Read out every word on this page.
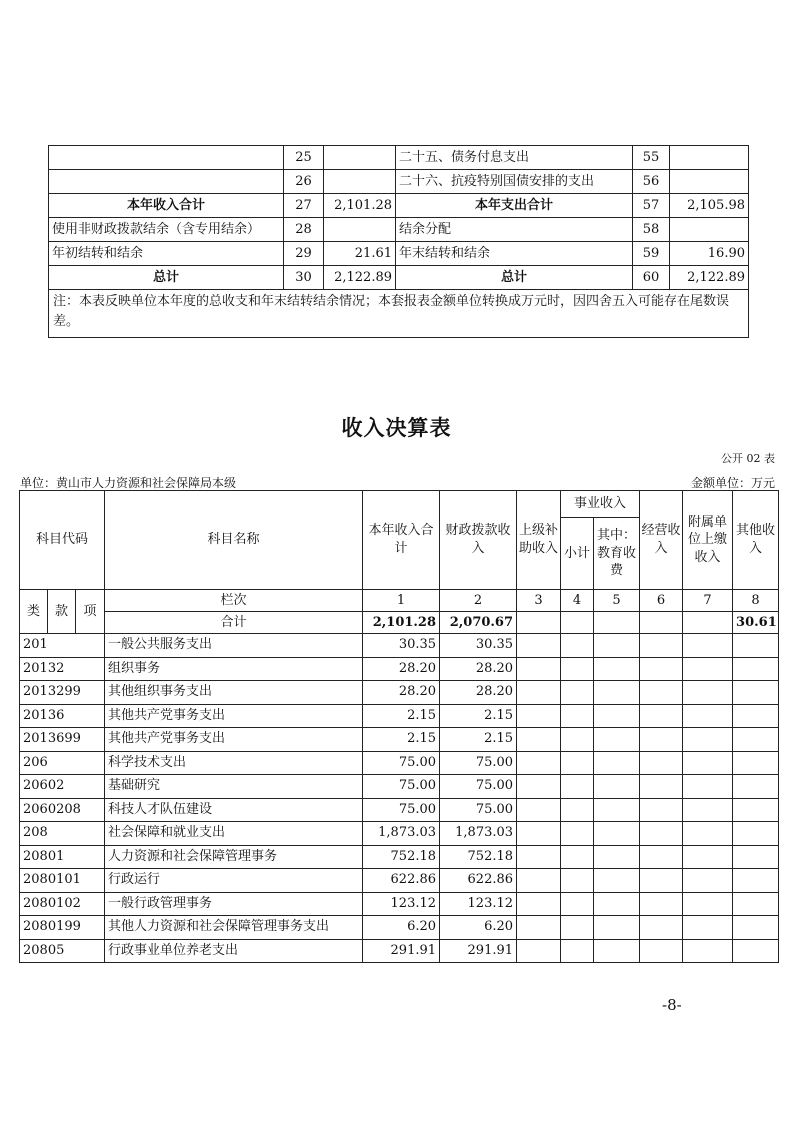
	25		二十五、债务付息支出	55	
	26		二十六、抗疫特别国债安排的支出	56	
本年收入合计	27	2,101.28	本年支出合计	57	2,105.98
使用非财政拨款结余（含专用结余）	28		结余分配	58	
年初结转和结余	29	21.61	年末结转和结余	59	16.90
总计	30	2,122.89	总计	60	2,122.89
注：本表反映单位本年度的总收支和年末结转结余情况；本套报表金额单位转换成万元时，因四舍五入可能存在尾数误差。					
收入决算表
公开 02 表
单位：黄山市人力资源和社会保障局本级	金额单位：万元
科目代码			科目名称	本年收入合计	财政拨款收入	上级补助收入	事业收入		经营收入	附属单位上缴收入	其他收入
							小计	其中：教育收费			
类	款	项	栏次	1	2	3	4	5	6	7	8
			合计	2,101.28	2,070.67						30.61
201			一般公共服务支出	30.35	30.35						
20132			组织事务	28.20	28.20						
2013299			其他组织事务支出	28.20	28.20						
20136			其他共产党事务支出	2.15	2.15						
2013699			其他共产党事务支出	2.15	2.15						
206			科学技术支出	75.00	75.00						
20602			基础研究	75.00	75.00						
2060208			科技人才队伍建设	75.00	75.00						
208			社会保障和就业支出	1,873.03	1,873.03						
20801			人力资源和社会保障管理事务	752.18	752.18						
2080101			行政运行	622.86	622.86						
2080102			一般行政管理事务	123.12	123.12						
2080199			其他人力资源和社会保障管理事务支出	6.20	6.20						
20805			行政事业单位养老支出	291.91	291.91						
-8-
